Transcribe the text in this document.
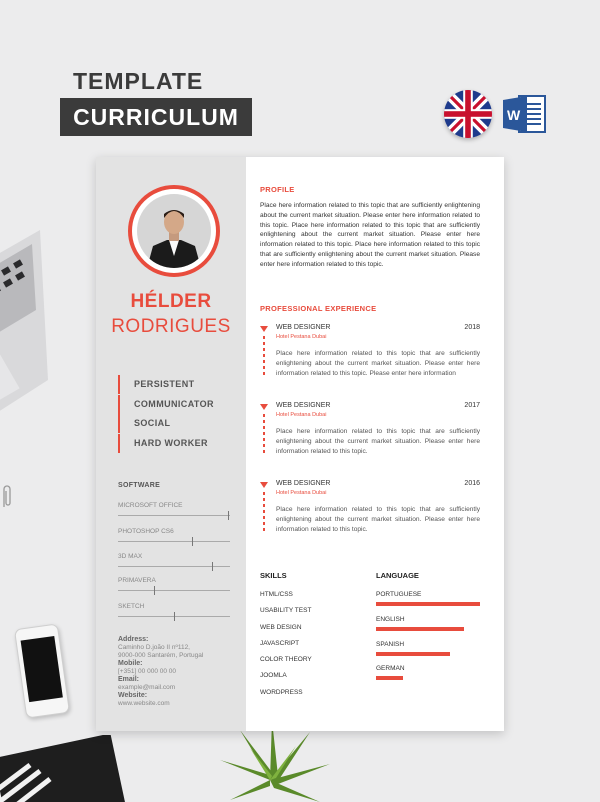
TEMPLATE
CURRICULUM	W
HÉLDER
RODRIGUES
PERSISTENT
COMMUNICATOR
SOCIAL
HARD WORKER
SOFTWARE
MICROSOFT OFFICE
PHOTOSHOP CS6
3D MAX
PRIMAVERA
SKETCH
Address:
Caminho D.joão II nº112,
9000-000 Santarém, Portugal
Mobile:
[+351] 00 000 00 00
Email:
example@mail.com
Website:
www.website.com
PROFILE
Place here information related to this topic that are sufficiently enlightening about the current market situation. Please enter here information related to this topic. Place here information related to this topic that are sufficiently enlightening about the current market situation. Please enter here information related to this topic. Place here information related to this topic that are sufficiently enlightening about the current market situation. Please enter here information related to this topic.
PROFESSIONAL EXPERIENCE
WEB DESIGNER	2018
Hotel Pestana Dubai
Place here information related to this topic that are sufficiently enlightening about the current market situation. Please enter here information related to this topic. Please enter here information
WEB DESIGNER	2017
Hotel Pestana Dubai
Place here information related to this topic that are sufficiently enlightening about the current market situation. Please enter here information related to this topic.
WEB DESIGNER	2016
Hotel Pestana Dubai
Place here information related to this topic that are sufficiently enlightening about the current market situation. Please enter here information related to this topic.
SKILLS
HTML/CSS
USABILITY TEST
WEB DESIGN
JAVASCRIPT
COLOR THEORY
JOOMLA
WORDPRESS
LANGUAGE
PORTUGUESE
ENGLISH
SPANISH
GERMAN
